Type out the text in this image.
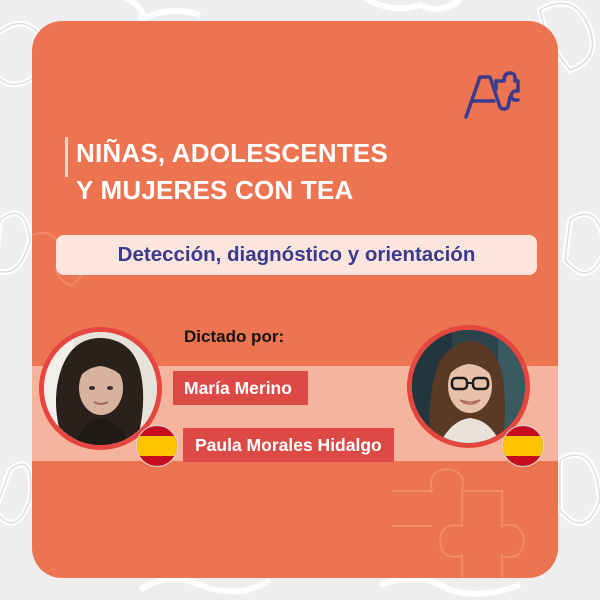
NIÑAS, ADOLESCENTES
Y MUJERES CON TEA
Detección, diagnóstico y orientación
Dictado por:
María Merino
Paula Morales Hidalgo
